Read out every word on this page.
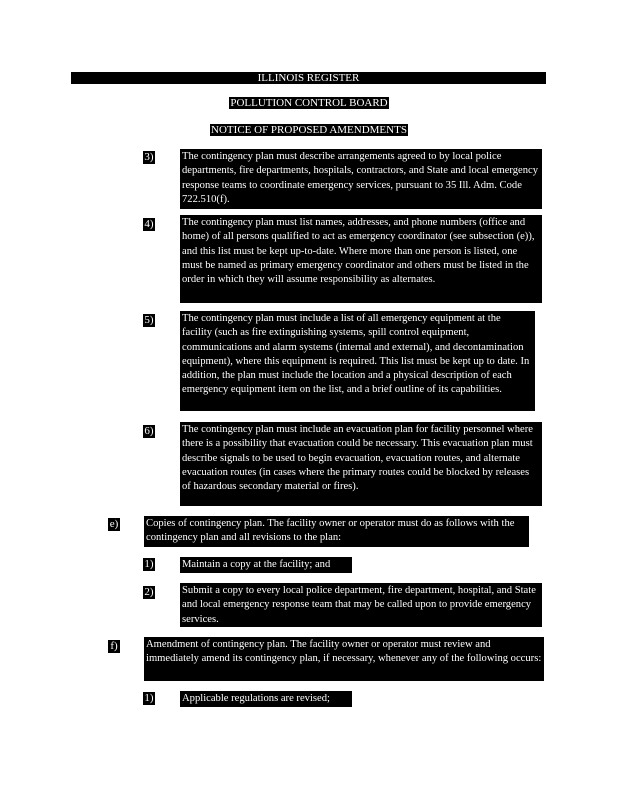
ILLINOIS REGISTER
POLLUTION CONTROL BOARD
NOTICE OF PROPOSED AMENDMENTS
3)	The contingency plan must describe arrangements agreed to by local police departments, fire departments, hospitals, contractors, and State and local emergency response teams to coordinate emergency services, pursuant to 35 Ill. Adm. Code 722.510(f).
4)	The contingency plan must list names, addresses, and phone numbers (office and home) of all persons qualified to act as emergency coordinator (see subsection (e)), and this list must be kept up-to-date. Where more than one person is listed, one must be named as primary emergency coordinator and others must be listed in the order in which they will assume responsibility as alternates.
5)	The contingency plan must include a list of all emergency equipment at the facility (such as fire extinguishing systems, spill control equipment, communications and alarm systems (internal and external), and decontamination equipment), where this equipment is required. This list must be kept up to date. In addition, the plan must include the location and a physical description of each emergency equipment item on the list, and a brief outline of its capabilities.
6)	The contingency plan must include an evacuation plan for facility personnel where there is a possibility that evacuation could be necessary. This evacuation plan must describe signals to be used to begin evacuation, evacuation routes, and alternate evacuation routes (in cases where the primary routes could be blocked by releases of hazardous secondary material or fires).
e)	Copies of contingency plan. The facility owner or operator must do as follows with the contingency plan and all revisions to the plan:
1)	Maintain a copy at the facility; and
2)	Submit a copy to every local police department, fire department, hospital, and State and local emergency response team that may be called upon to provide emergency services.
f)	Amendment of contingency plan. The facility owner or operator must review and immediately amend its contingency plan, if necessary, whenever any of the following occurs:
1)	Applicable regulations are revised;
